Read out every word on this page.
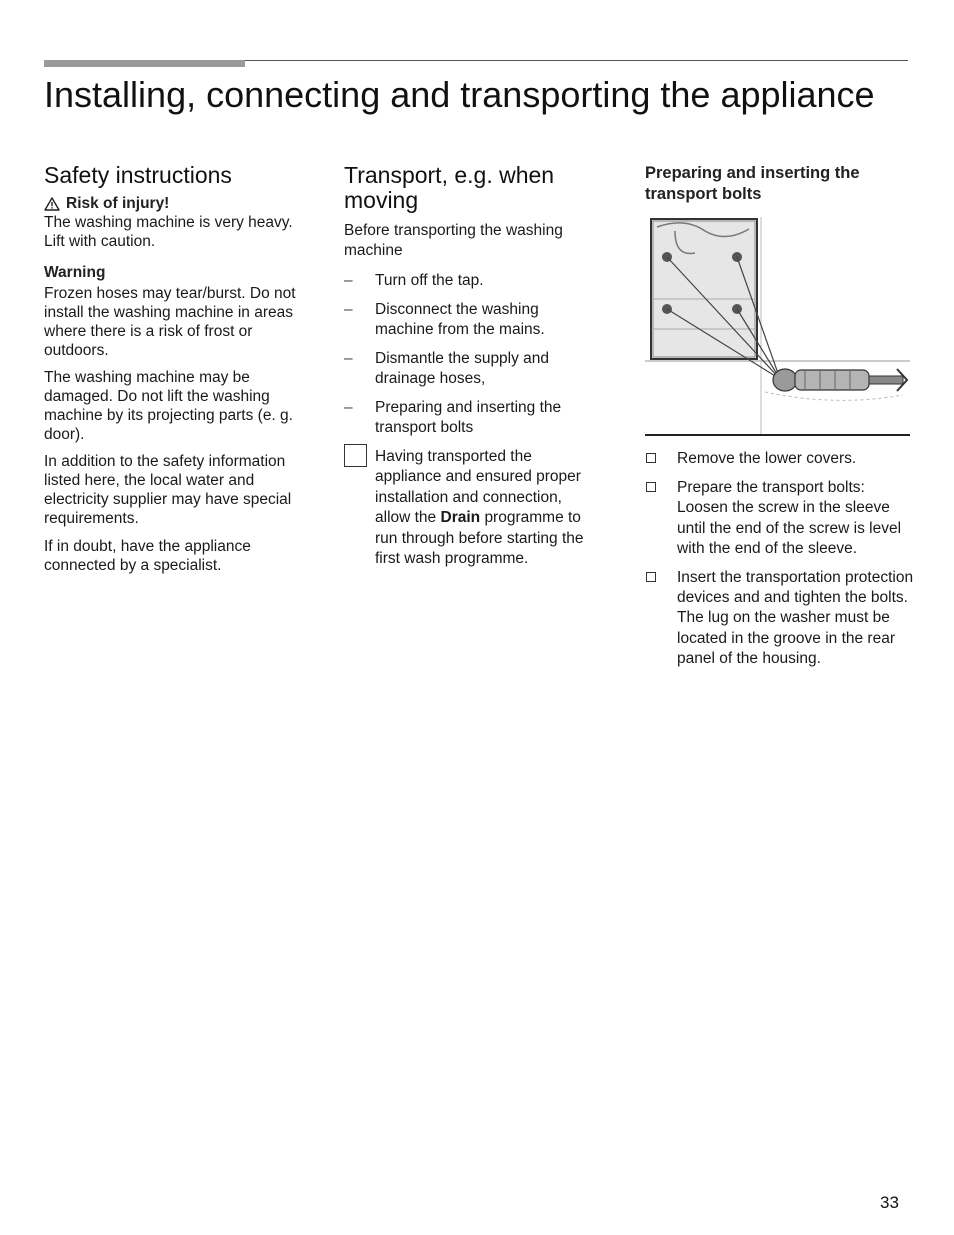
Installing, connecting and transporting the appliance
Safety instructions
Risk of injury!

The washing machine is very heavy. Lift with caution.

Warning

Frozen hoses may tear/burst. Do not install the washing machine in areas where there is a risk of frost or outdoors.

The washing machine may be damaged. Do not lift the washing machine by its projecting parts (e. g. door).

In addition to the safety information listed here, the local water and electricity supplier may have special requirements.

If in doubt, have the appliance connected by a specialist.

Transport, e.g. when moving

Before transporting the washing machine

–	Turn off the tap.
–	Disconnect the washing machine from the mains.
–	Dismantle the supply and drainage hoses,
–	Preparing and inserting the transport bolts
Having transported the appliance and ensured proper installation and connection, allow the Drain programme to run through before starting the first wash programme.
Preparing and inserting the transport bolts
Remove the lower covers.
Prepare the transport bolts: Loosen the screw in the sleeve until the end of the screw is level with the end of the sleeve.
Insert the transportation protection devices and and tighten the bolts. The lug on the washer must be located in the groove in the rear panel of the housing.
33
